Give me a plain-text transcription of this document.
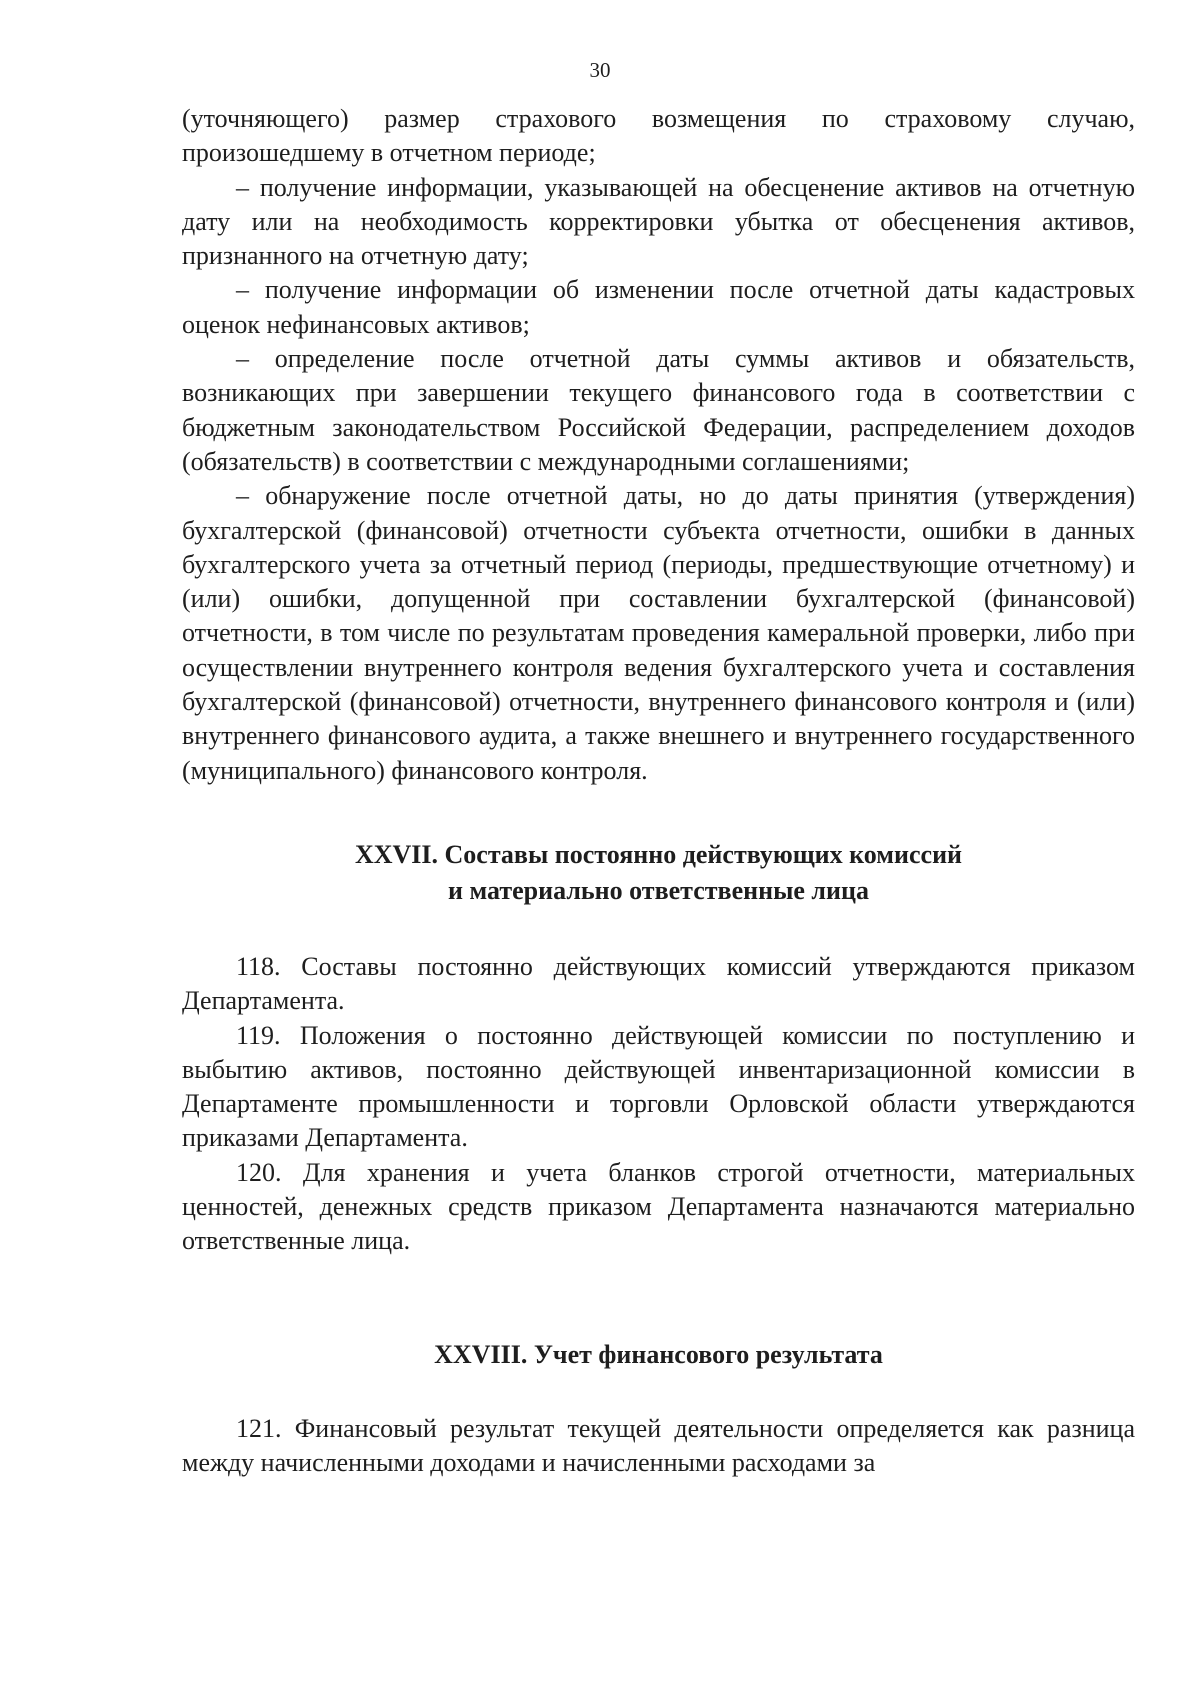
30

(уточняющего) размер страхового возмещения по страховому случаю, произошедшему в отчетном периоде;

– получение информации, указывающей на обесценение активов на отчетную дату или на необходимость корректировки убытка от обесценения активов, признанного на отчетную дату;

– получение информации об изменении после отчетной даты кадастровых оценок нефинансовых активов;

– определение после отчетной даты суммы активов и обязательств, возникающих при завершении текущего финансового года в соответствии с бюджетным законодательством Российской Федерации, распределением доходов (обязательств) в соответствии с международными соглашениями;

– обнаружение после отчетной даты, но до даты принятия (утверждения) бухгалтерской (финансовой) отчетности субъекта отчетности, ошибки в данных бухгалтерского учета за отчетный период (периоды, предшествующие отчетному) и (или) ошибки, допущенной при составлении бухгалтерской (финансовой) отчетности, в том числе по результатам проведения камеральной проверки, либо при осуществлении внутреннего контроля ведения бухгалтерского учета и составления бухгалтерской (финансовой) отчетности, внутреннего финансового контроля и (или) внутреннего финансового аудита, а также внешнего и внутреннего государственного (муниципального) финансового контроля.

XXVII. Составы постоянно действующих комиссий
и материально ответственные лица

118. Составы постоянно действующих комиссий утверждаются приказом Департамента.

119. Положения о постоянно действующей комиссии по поступлению и выбытию активов, постоянно действующей инвентаризационной комиссии в Департаменте промышленности и торговли Орловской области утверждаются приказами Департамента.

120. Для хранения и учета бланков строгой отчетности, материальных ценностей, денежных средств приказом Департамента назначаются материально ответственные лица.

XXVIII. Учет финансового результата

121. Финансовый результат текущей деятельности определяется как разница между начисленными доходами и начисленными расходами за
